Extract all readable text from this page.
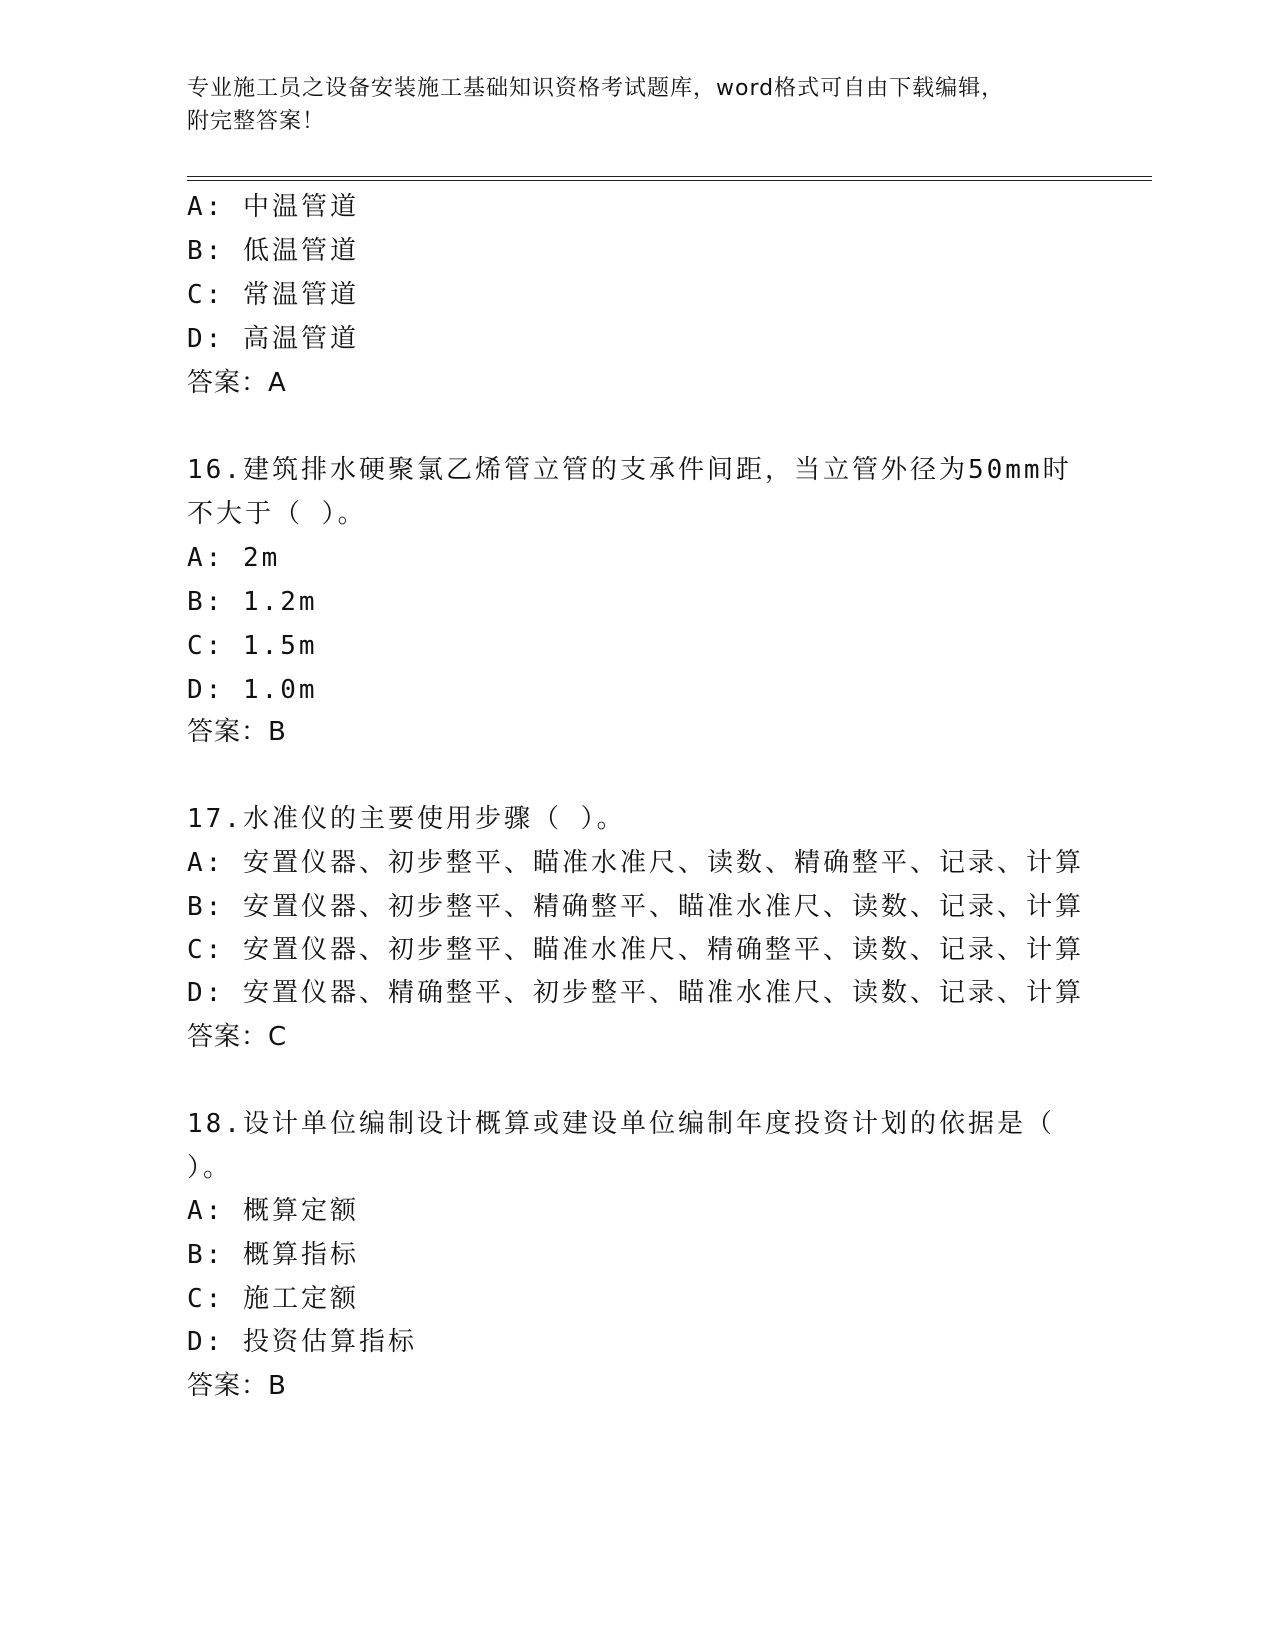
专业施工员之设备安装施工基础知识资格考试题库，word格式可自由下载编辑，
附完整答案！
A: 中温管道
B: 低温管道
C: 常温管道
D: 高温管道
答案：A
16.建筑排水硬聚氯乙烯管立管的支承件间距，当立管外径为50mm时
不大于（ ）。
A: 2m
B: 1.2m
C: 1.5m
D: 1.0m
答案：B
17.水准仪的主要使用步骤（ ）。
A: 安置仪器、初步整平、瞄准水准尺、读数、精确整平、记录、计算
B: 安置仪器、初步整平、精确整平、瞄准水准尺、读数、记录、计算
C: 安置仪器、初步整平、瞄准水准尺、精确整平、读数、记录、计算
D: 安置仪器、精确整平、初步整平、瞄准水准尺、读数、记录、计算
答案：C
18.设计单位编制设计概算或建设单位编制年度投资计划的依据是（
）。
A: 概算定额
B: 概算指标
C: 施工定额
D: 投资估算指标
答案：B
